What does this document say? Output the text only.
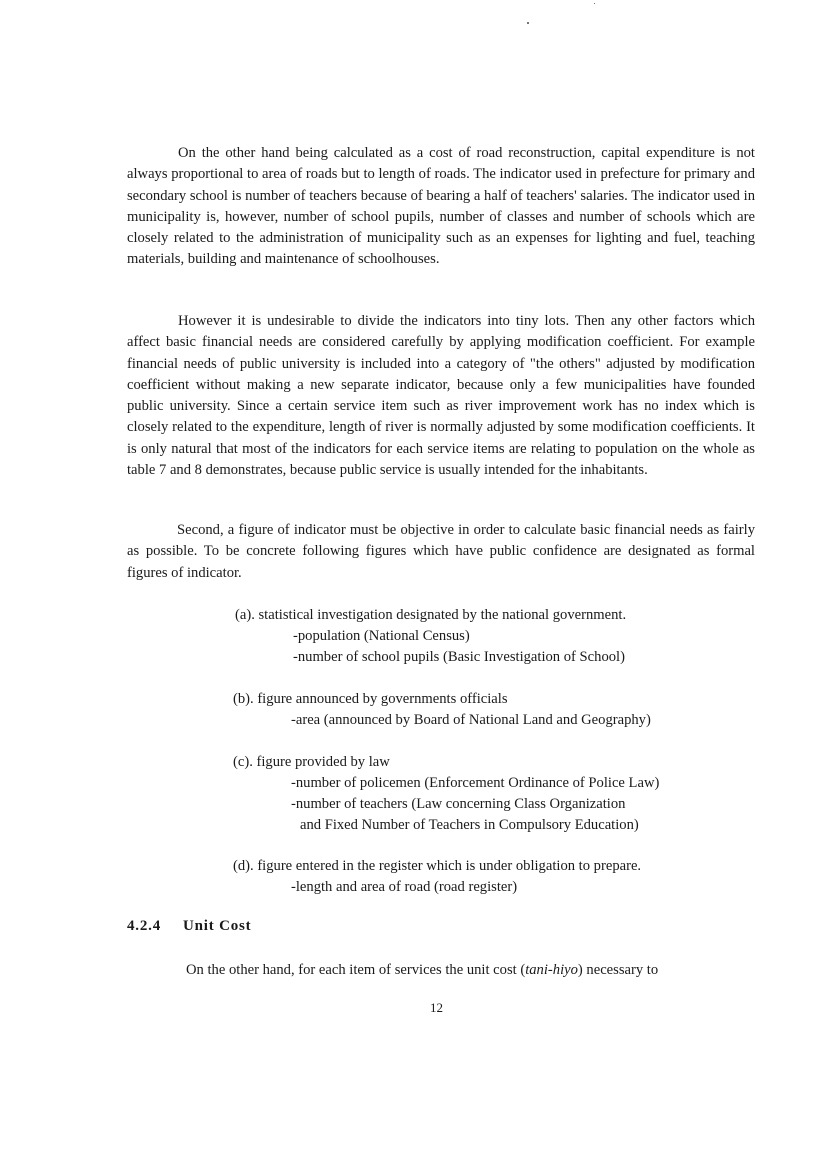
On the other hand being calculated as a cost of road reconstruction, capital expenditure is not always proportional to area of roads but to length of roads. The indicator used in prefecture for primary and secondary school is number of teachers because of bearing a half of teachers' salaries. The indicator used in municipality is, however, number of school pupils, number of classes and number of schools which are closely related to the administration of municipality such as an expenses for lighting and fuel, teaching materials, building and maintenance of schoolhouses.

However it is undesirable to divide the indicators into tiny lots. Then any other factors which affect basic financial needs are considered carefully by applying modification coefficient. For example financial needs of public university is included into a category of "the others" adjusted by modification coefficient without making a new separate indicator, because only a few municipalities have founded public university. Since a certain service item such as river improvement work has no index which is closely related to the expenditure, length of river is normally adjusted by some modification coefficients. It is only natural that most of the indicators for each service items are relating to population on the whole as table 7 and 8 demonstrates, because public service is usually intended for the inhabitants.

Second, a figure of indicator must be objective in order to calculate basic financial needs as fairly as possible. To be concrete following figures which have public confidence are designated as formal figures of indicator.

(a). statistical investigation designated by the national government.
-population (National Census)
-number of school pupils (Basic Investigation of School)
(b). figure announced by governments officials
-area (announced by Board of National Land and Geography)
(c). figure provided by law
-number of policemen (Enforcement Ordinance of Police Law)
-number of teachers (Law concerning Class Organization
and Fixed Number of Teachers in Compulsory Education)
(d). figure entered in the register which is under obligation to prepare.
-length and area of road (road register)
4.2.4 Unit Cost

On the other hand, for each item of services the unit cost (tani-hiyo) necessary to

12
